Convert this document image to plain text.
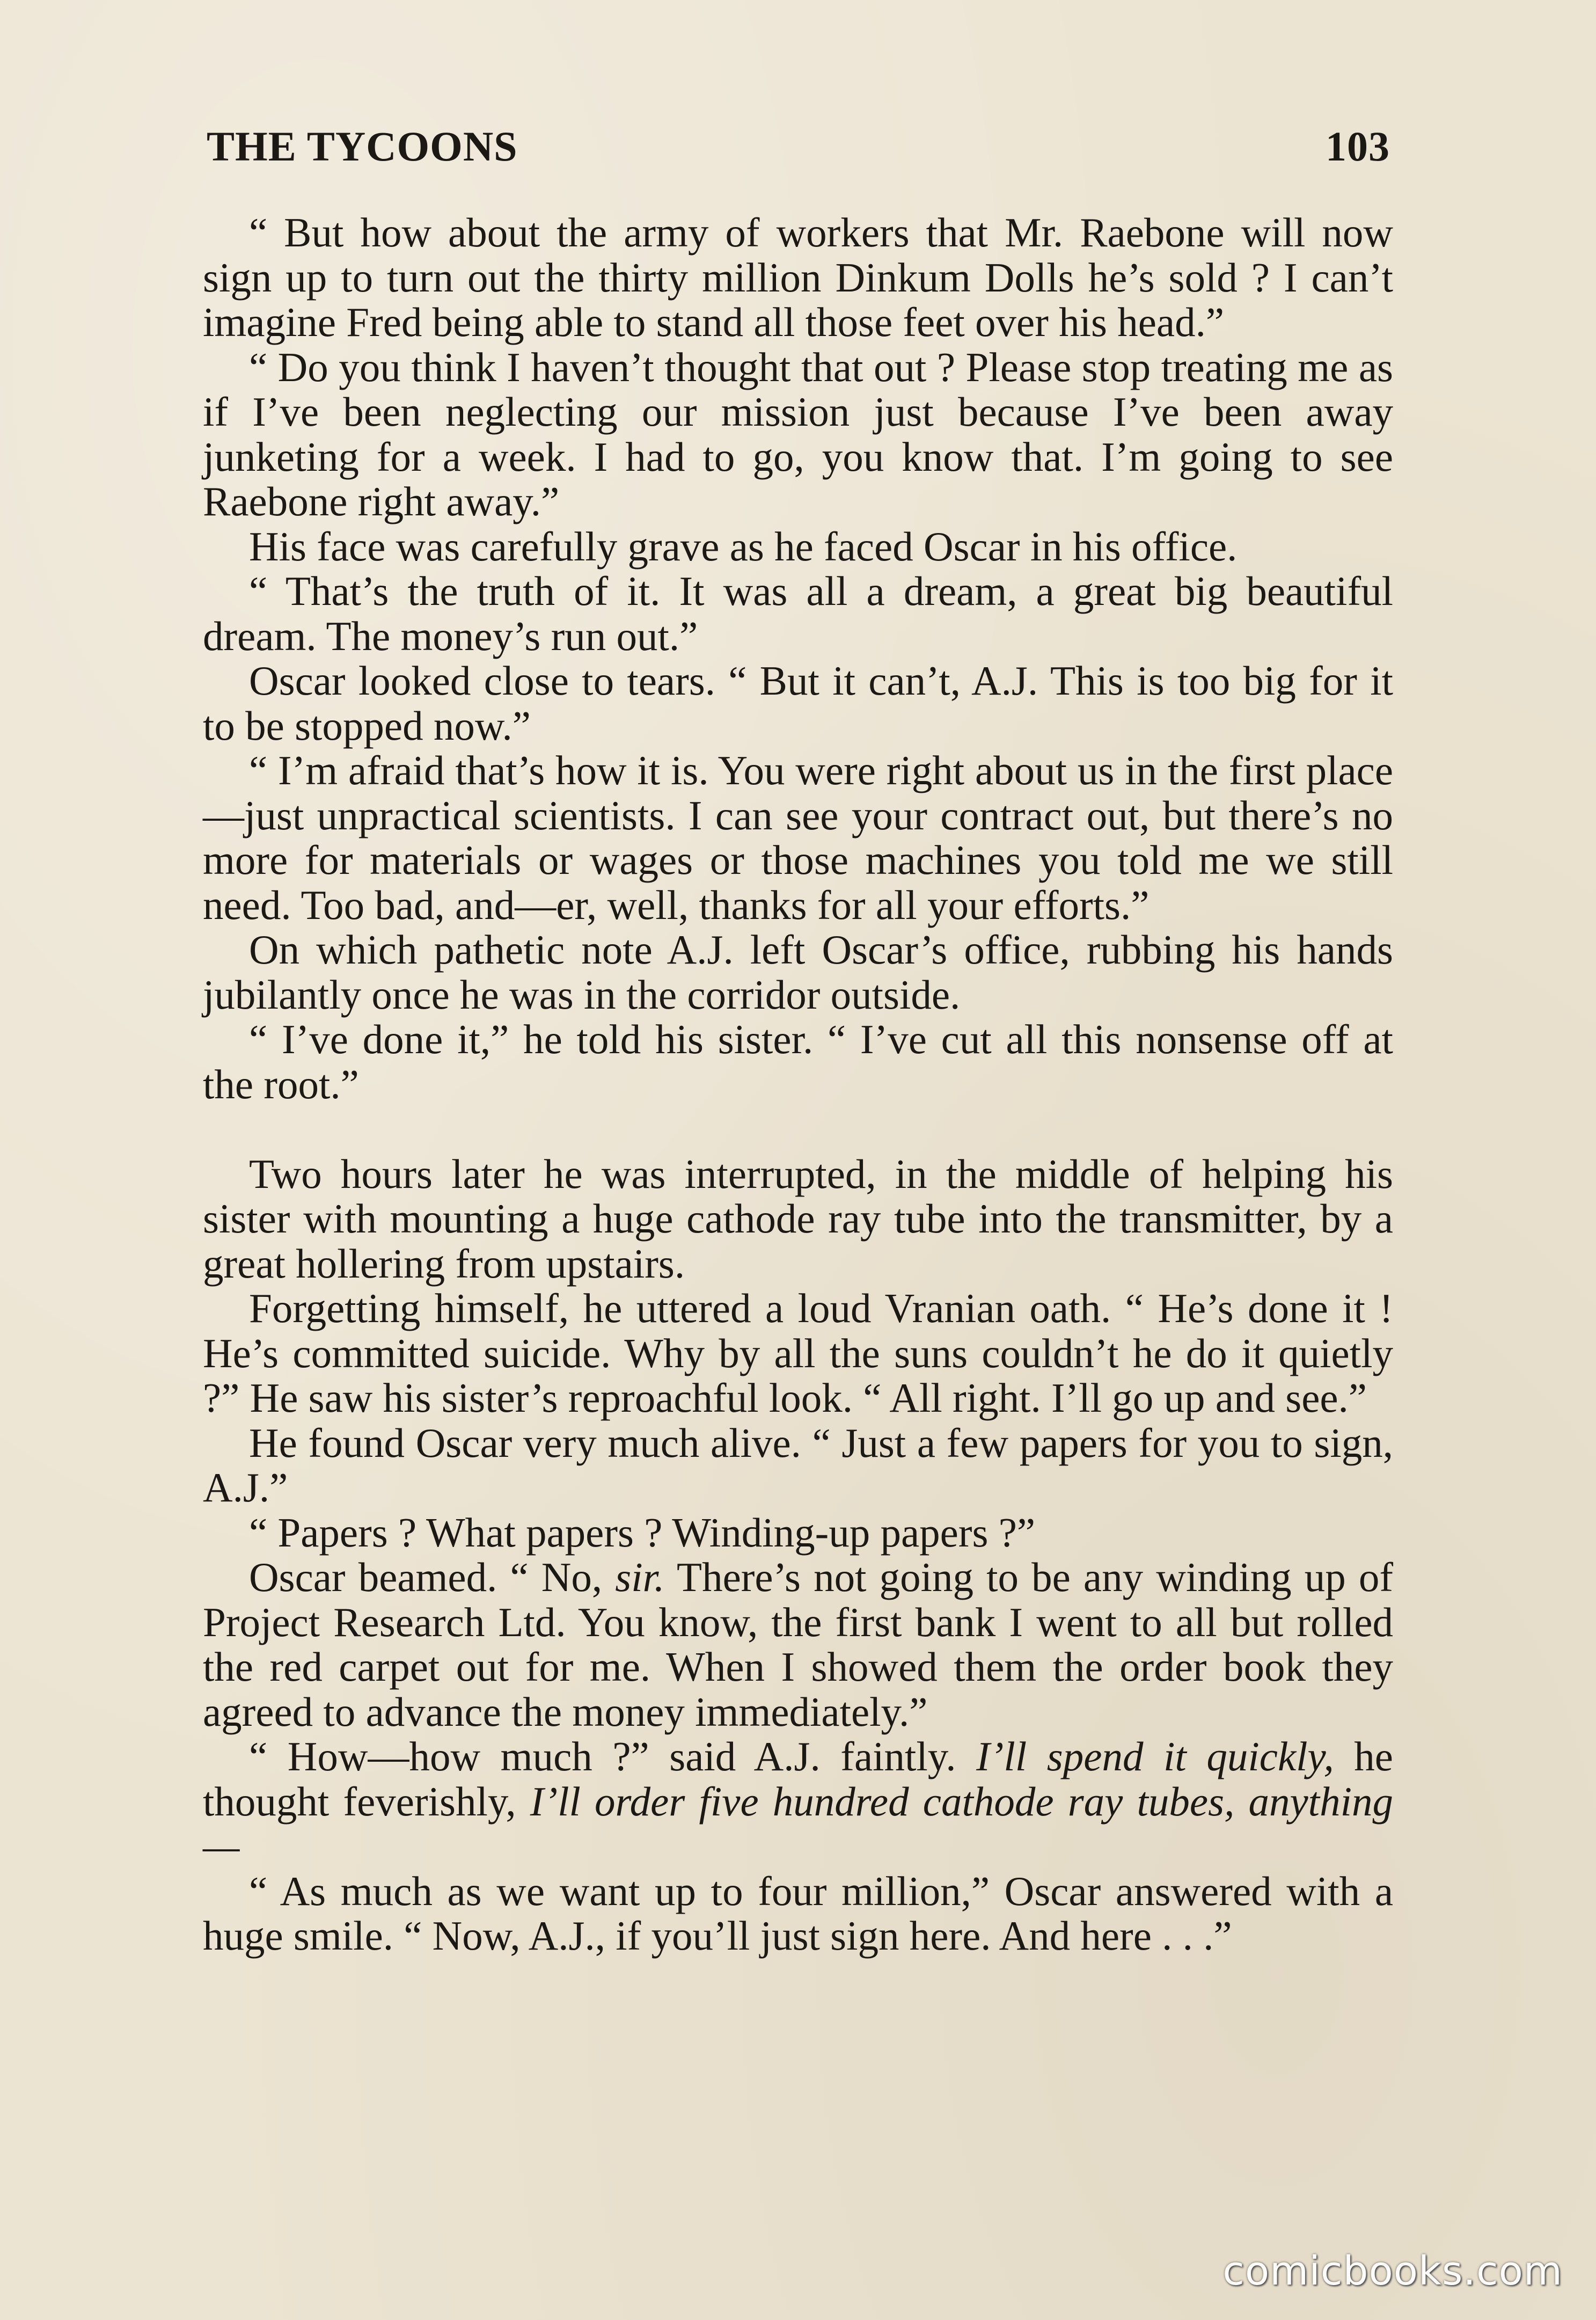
THE TYCOONS	103

“ But how about the army of workers that Mr. Raebone will now sign up to turn out the thirty million Dinkum Dolls he’s sold ? I can’t imagine Fred being able to stand all those feet over his head.”

“ Do you think I haven’t thought that out ? Please stop treating me as if I’ve been neglecting our mission just because I’ve been away junketing for a week. I had to go, you know that. I’m going to see Raebone right away.”

His face was carefully grave as he faced Oscar in his office.

“ That’s the truth of it. It was all a dream, a great big beautiful dream. The money’s run out.”

Oscar looked close to tears. “ But it can’t, A.J. This is too big for it to be stopped now.”

“ I’m afraid that’s how it is. You were right about us in the first place—just unpractical scientists. I can see your contract out, but there’s no more for materials or wages or those machines you told me we still need. Too bad, and—er, well, thanks for all your efforts.”

On which pathetic note A.J. left Oscar’s office, rubbing his hands jubilantly once he was in the corridor outside.

“ I’ve done it,” he told his sister. “ I’ve cut all this nonsense off at the root.”

Two hours later he was interrupted, in the middle of helping his sister with mounting a huge cathode ray tube into the transmitter, by a great hollering from upstairs.

Forgetting himself, he uttered a loud Vranian oath. “ He’s done it ! He’s committed suicide. Why by all the suns couldn’t he do it quietly ?” He saw his sister’s reproachful look. “ All right. I’ll go up and see.”

He found Oscar very much alive. “ Just a few papers for you to sign, A.J.”

“ Papers ? What papers ? Winding-up papers ?”

Oscar beamed. “ No, sir. There’s not going to be any winding up of Project Research Ltd. You know, the first bank I went to all but rolled the red carpet out for me. When I showed them the order book they agreed to advance the money immediately.”

“ How—how much ?” said A.J. faintly. I’ll spend it quickly, he thought feverishly, I’ll order five hundred cathode ray tubes, anything—

“ As much as we want up to four million,” Oscar answered with a huge smile. “ Now, A.J., if you’ll just sign here. And here . . .”

comicbooks.com
